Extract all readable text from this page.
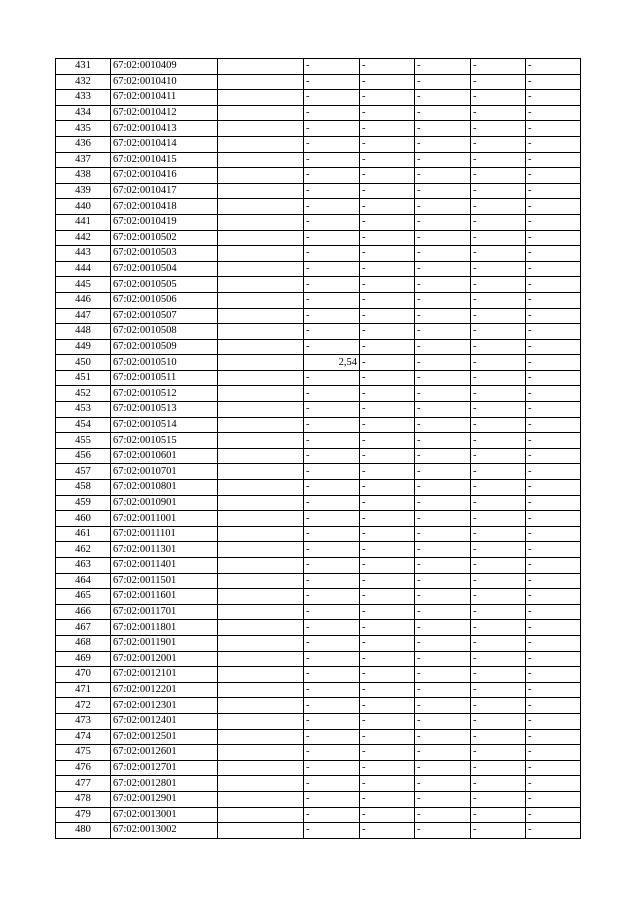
431	67:02:0010409		-	-	-	-	-
432	67:02:0010410		-	-	-	-	-
433	67:02:0010411		-	-	-	-	-
434	67:02:0010412		-	-	-	-	-
435	67:02:0010413		-	-	-	-	-
436	67:02:0010414		-	-	-	-	-
437	67:02:0010415		-	-	-	-	-
438	67:02:0010416		-	-	-	-	-
439	67:02:0010417		-	-	-	-	-
440	67:02:0010418		-	-	-	-	-
441	67:02:0010419		-	-	-	-	-
442	67:02:0010502		-	-	-	-	-
443	67:02:0010503		-	-	-	-	-
444	67:02:0010504		-	-	-	-	-
445	67:02:0010505		-	-	-	-	-
446	67:02:0010506		-	-	-	-	-
447	67:02:0010507		-	-	-	-	-
448	67:02:0010508		-	-	-	-	-
449	67:02:0010509		-	-	-	-	-
450	67:02:0010510		2,54	-	-	-	-
451	67:02:0010511		-	-	-	-	-
452	67:02:0010512		-	-	-	-	-
453	67:02:0010513		-	-	-	-	-
454	67:02:0010514		-	-	-	-	-
455	67:02:0010515		-	-	-	-	-
456	67:02:0010601		-	-	-	-	-
457	67:02:0010701		-	-	-	-	-
458	67:02:0010801		-	-	-	-	-
459	67:02:0010901		-	-	-	-	-
460	67:02:0011001		-	-	-	-	-
461	67:02:0011101		-	-	-	-	-
462	67:02:0011301		-	-	-	-	-
463	67:02:0011401		-	-	-	-	-
464	67:02:0011501		-	-	-	-	-
465	67:02:0011601		-	-	-	-	-
466	67:02:0011701		-	-	-	-	-
467	67:02:0011801		-	-	-	-	-
468	67:02:0011901		-	-	-	-	-
469	67:02:0012001		-	-	-	-	-
470	67:02:0012101		-	-	-	-	-
471	67:02:0012201		-	-	-	-	-
472	67:02:0012301		-	-	-	-	-
473	67:02:0012401		-	-	-	-	-
474	67:02:0012501		-	-	-	-	-
475	67:02:0012601		-	-	-	-	-
476	67:02:0012701		-	-	-	-	-
477	67:02:0012801		-	-	-	-	-
478	67:02:0012901		-	-	-	-	-
479	67:02:0013001		-	-	-	-	-
480	67:02:0013002		-	-	-	-	-
